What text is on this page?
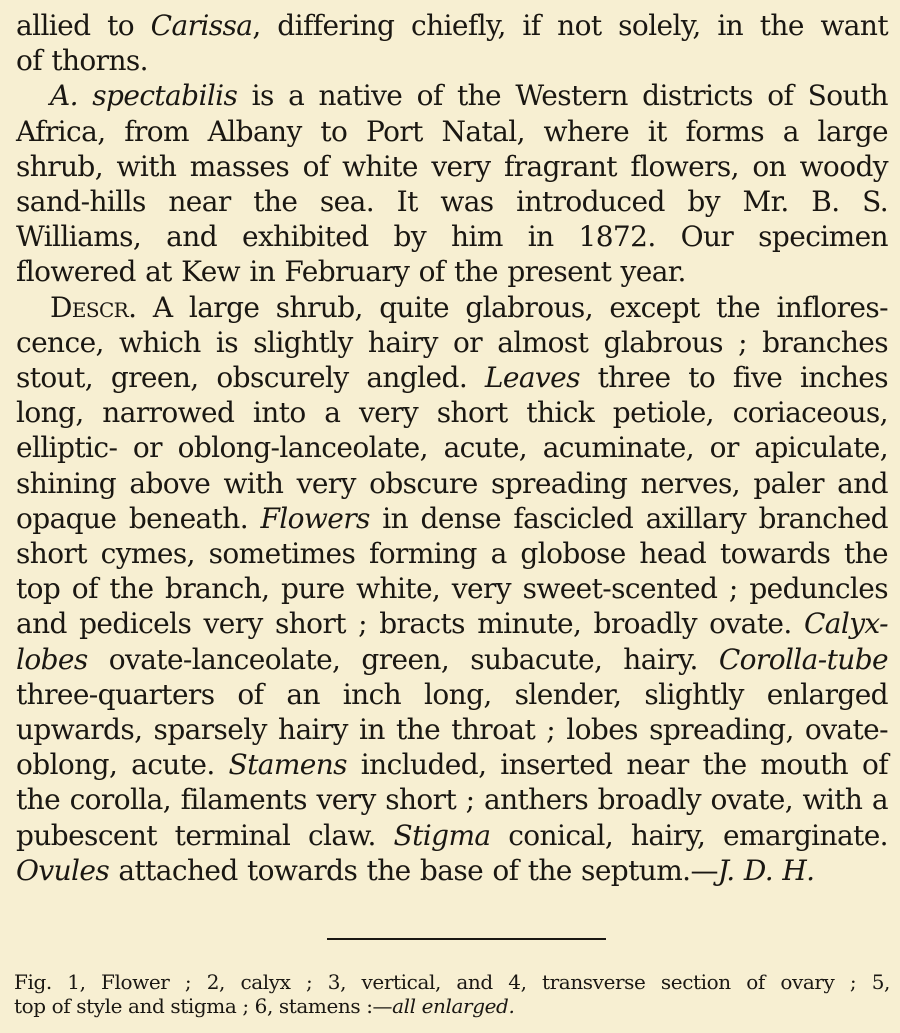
allied to Carissa, differing chiefly, if not solely, in the want
of thorns.
A. spectabilis is a native of the Western districts of South
Africa, from Albany to Port Natal, where it forms a large
shrub, with masses of white very fragrant flowers, on woody
sand-hills near the sea. It was introduced by Mr. B. S.
Williams, and exhibited by him in 1872. Our specimen
flowered at Kew in February of the present year.
Descr. A large shrub, quite glabrous, except the inflores-
cence, which is slightly hairy or almost glabrous ; branches
stout, green, obscurely angled. Leaves three to five inches
long, narrowed into a very short thick petiole, coriaceous,
elliptic- or oblong-lanceolate, acute, acuminate, or apiculate,
shining above with very obscure spreading nerves, paler and
opaque beneath. Flowers in dense fascicled axillary branched
short cymes, sometimes forming a globose head towards the
top of the branch, pure white, very sweet-scented ; peduncles
and pedicels very short ; bracts minute, broadly ovate. Calyx-
lobes ovate-lanceolate, green, subacute, hairy. Corolla-tube
three-quarters of an inch long, slender, slightly enlarged
upwards, sparsely hairy in the throat ; lobes spreading, ovate-
oblong, acute. Stamens included, inserted near the mouth of
the corolla, filaments very short ; anthers broadly ovate, with a
pubescent terminal claw. Stigma conical, hairy, emarginate.
Ovules attached towards the base of the septum.—J. D. H.
Fig. 1, Flower ; 2, calyx ; 3, vertical, and 4, transverse section of ovary ; 5,
top of style and stigma ; 6, stamens :—all enlarged.
